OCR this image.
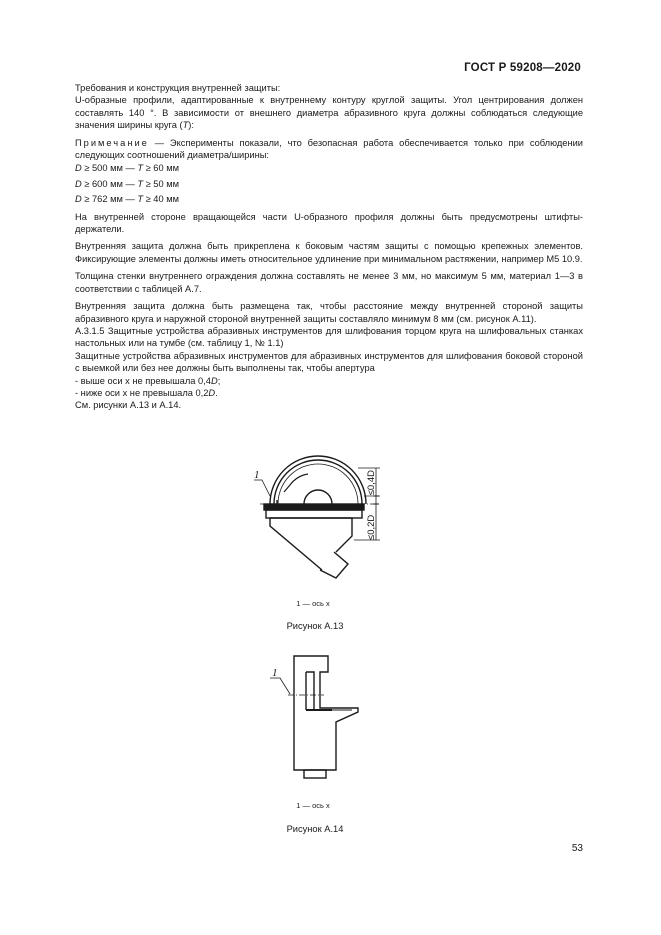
ГОСТ Р 59208—2020

Требования и конструкция внутренней защиты:

U-образные профили, адаптированные к внутреннему контуру круглой защиты. Угол центрирования должен составлять 140 °. В зависимости от внешнего диаметра абразивного круга должны соблюдаться следующие значения ширины круга (T):

Примечание — Эксперименты показали, что безопасная работа обеспечивается только при соблюдении следующих соотношений диаметра/ширины:

D ≥ 500 мм — T ≥ 60 мм

D ≥ 600 мм — T ≥ 50 мм

D ≥ 762 мм — T ≥ 40 мм

На внутренней стороне вращающейся части U-образного профиля должны быть предусмотрены штифты-держатели.

Внутренняя защита должна быть прикреплена к боковым частям защиты с помощью крепежных элементов. Фиксирующие элементы должны иметь относительное удлинение при минимальном растяжении, например М5 10.9.

Толщина стенки внутреннего ограждения должна составлять не менее 3 мм, но максимум 5 мм, материал 1—3 в соответствии с таблицей А.7.

Внутренняя защита должна быть размещена так, чтобы расстояние между внутренней стороной защиты абразивного круга и наружной стороной внутренней защиты составляло минимум 8 мм (см. рисунок А.11).

А.3.1.5 Защитные устройства абразивных инструментов для шлифования торцом круга на шлифовальных станках настольных или на тумбе (см. таблицу 1, № 1.1)

Защитные устройства абразивных инструментов для абразивных инструментов для шлифования боковой стороной с выемкой или без нее должны быть выполнены так, чтобы апертура

- выше оси x не превышала 0,4D;

- ниже оси x не превышала 0,2D.

См. рисунки А.13 и А.14.

1	≤0,4D
≤0,2D
1 — ось x
Рисунок А.13
1
1 — ось x
Рисунок А.14
53
